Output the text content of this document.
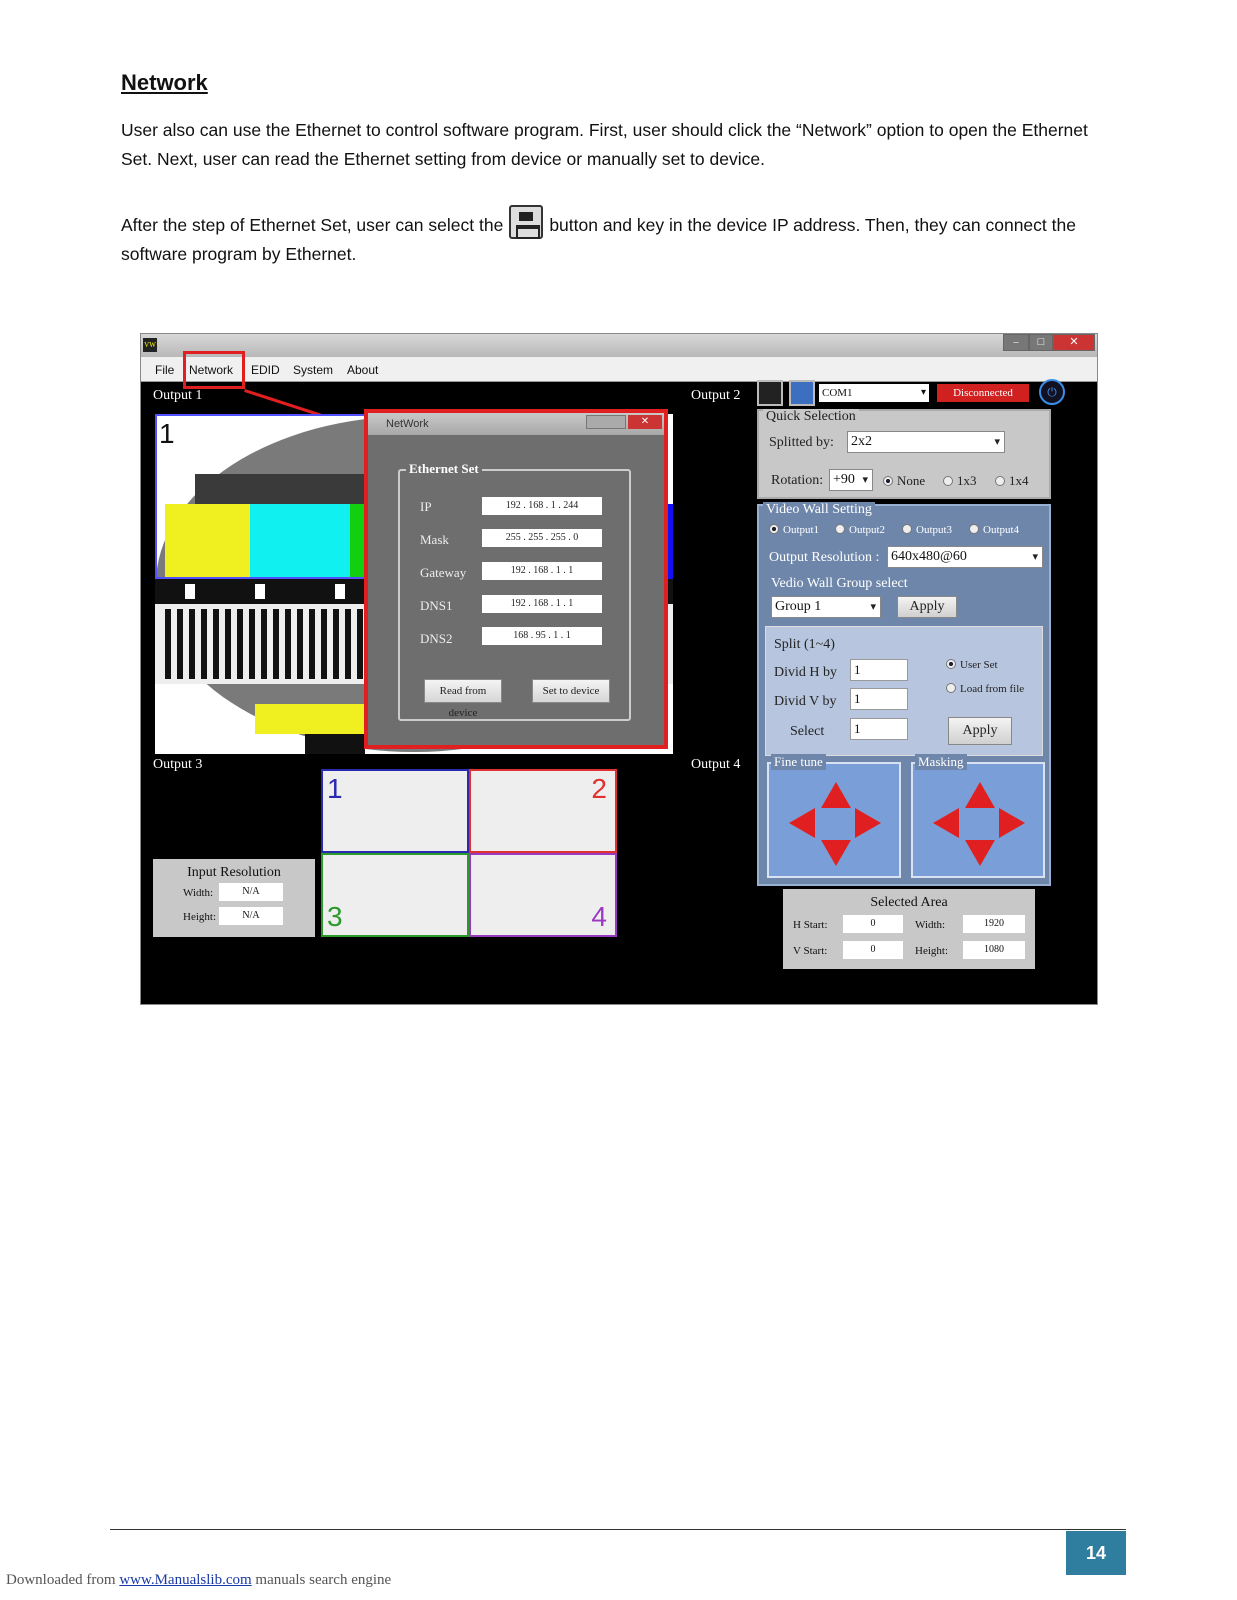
Network
User also can use the Ethernet to control software program. First, user should click the “Network” option to open the Ethernet Set. Next, user can read the Ethernet setting from device or manually set to device.
After the step of Ethernet Set, user can select the	button and key in the device IP address. Then, they can connect the software program by Ethernet.
VW	–	□	✕
File Network EDID System About
Output 1	Output 2
Output 3	Output 4
1
1	2
3	4
Input Resolution
Width:	N/A
Height:	N/A
NetWork	✕
Ethernet Set
IP	192 . 168 . 1 . 244
Mask	255 . 255 . 255 . 0
Gateway	192 . 168 . 1 . 1
DNS1	192 . 168 . 1 . 1
DNS2	168 . 95 . 1 . 1
Read from device
Set to device
COM1 ▾	Disconnected	⏻
Quick Selection
Splitted by: 2x2 ▾
Rotation: +90 ▾	None	1x3	1x4
Video Wall Setting
Output1	Output2	Output3	Output4
Output Resolution : 640x480@60 ▾
Vedio Wall Group select
Group 1 ▾	Apply
Split (1~4)
Divid H by	1
Divid V by	1
Select	1
User Set
Load from file
Apply
Fine tune	Masking
Selected Area
H Start:	0	Width:	1920
V Start:	0	Height:	1080
14
Downloaded from www.Manualslib.com manuals search engine
